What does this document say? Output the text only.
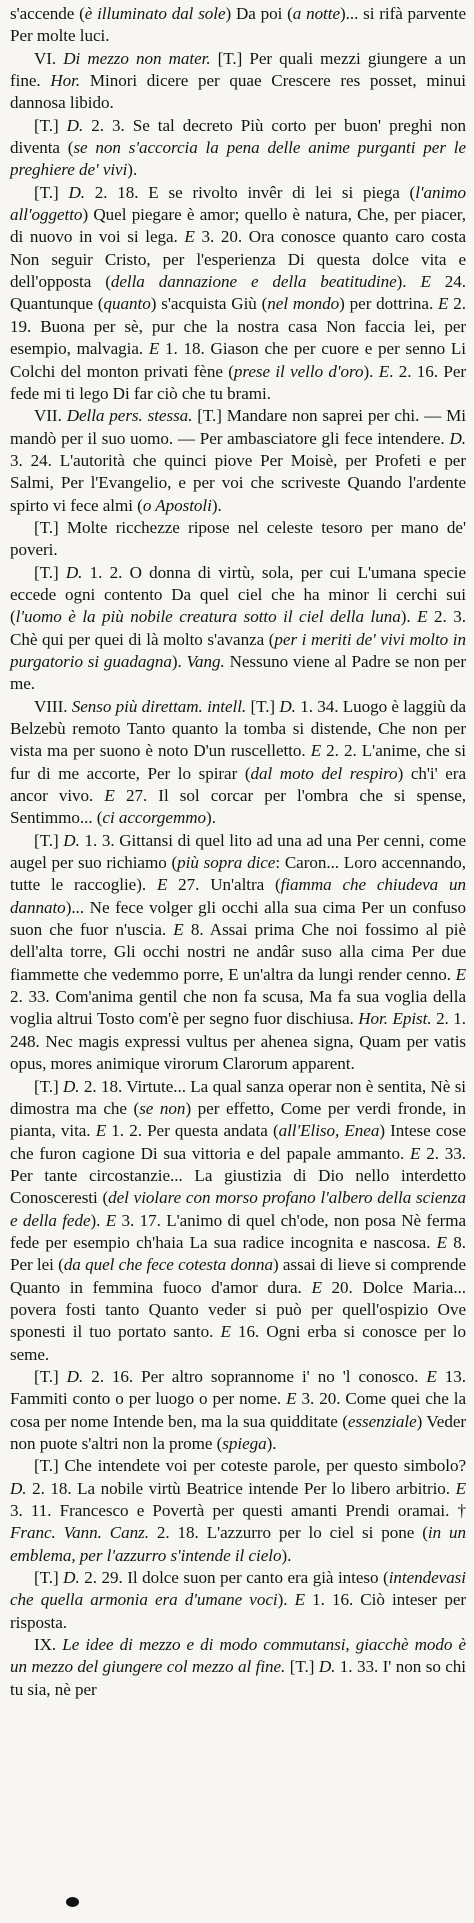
s'accende (è illuminato dal sole) Da poi (a notte)... si rifà parvente Per molte luci.

VI. Di mezzo non mater. [T.] Per quali mezzi giungere a un fine. Hor. Minori dicere per quae Crescere res posset, minui dannosa libido.

[T.] D. 2. 3. Se tal decreto Più corto per buon' preghi non diventa (se non s'accorcia la pena delle anime purganti per le preghiere de' vivi).

[T.] D. 2. 18. E se rivolto invêr di lei si piega (l'animo all'oggetto) Quel piegare è amor; quello è natura, Che, per piacer, di nuovo in voi si lega. E 3. 20. Ora conosce quanto caro costa Non seguir Cristo, per l'esperienza Di questa dolce vita e dell'opposta (della dannazione e della beatitudine). E 24. Quantunque (quanto) s'acquista Giù (nel mondo) per dottrina. E 2. 19. Buona per sè, pur che la nostra casa Non faccia lei, per esempio, malvagia. E 1. 18. Giason che per cuore e per senno Li Colchi del monton privati fène (prese il vello d'oro). E. 2. 16. Per fede mi ti lego Di far ciò che tu brami.

VII. Della pers. stessa. [T.] Mandare non saprei per chi. — Mi mandò per il suo uomo. — Per ambasciatore gli fece intendere. D. 3. 24. L'autorità che quinci piove Per Moisè, per Profeti e per Salmi, Per l'Evangelio, e per voi che scriveste Quando l'ardente spirto vi fece almi (o Apostoli).

[T.] Molte ricchezze ripose nel celeste tesoro per mano de' poveri.

[T.] D. 1. 2. O donna di virtù, sola, per cui L'umana specie eccede ogni contento Da quel ciel che ha minor li cerchi sui (l'uomo è la più nobile creatura sotto il ciel della luna). E 2. 3. Chè qui per quei di là molto s'avanza (per i meriti de' vivi molto in purgatorio si guadagna). Vang. Nessuno viene al Padre se non per me.

VIII. Senso più direttam. intell. [T.] D. 1. 34. Luogo è laggiù da Belzebù remoto Tanto quanto la tomba si distende, Che non per vista ma per suono è noto D'un ruscelletto. E 2. 2. L'anime, che si fur di me accorte, Per lo spirar (dal moto del respiro) ch'i' era ancor vivo. E 27. Il sol corcar per l'ombra che si spense, Sentimmo... (ci accorgemmo).

[T.] D. 1. 3. Gittansi di quel lito ad una ad una Per cenni, come augel per suo richiamo (più sopra dice: Caron... Loro accennando, tutte le raccoglie). E 27. Un'altra (fiamma che chiudeva un dannato)... Ne fece volger gli occhi alla sua cima Per un confuso suon che fuor n'uscia. E 8. Assai prima Che noi fossimo al piè dell'alta torre, Gli occhi nostri ne andâr suso alla cima Per due fiammette che vedemmo porre, E un'altra da lungi render cenno. E 2. 33. Com'anima gentil che non fa scusa, Ma fa sua voglia della voglia altrui Tosto com'è per segno fuor dischiusa. Hor. Epist. 2. 1. 248. Nec magis expressi vultus per ahenea signa, Quam per vatis opus, mores animique virorum Clarorum apparent.

[T.] D. 2. 18. Virtute... La qual sanza operar non è sentita, Nè si dimostra ma che (se non) per effetto, Come per verdi fronde, in pianta, vita. E 1. 2. Per questa andata (all'Eliso, Enea) Intese cose che furon cagione Di sua vittoria e del papale ammanto. E 2. 33. Per tante circostanzie... La giustizia di Dio nello interdetto Conosceresti (del violare con morso profano l'albero della scienza e della fede). E 3. 17. L'animo di quel ch'ode, non posa Nè ferma fede per esempio ch'haia La sua radice incognita e nascosa. E 8. Per lei (da quel che fece cotesta donna) assai di lieve si comprende Quanto in femmina fuoco d'amor dura. E 20. Dolce Maria... povera fosti tanto Quanto veder si può per quell'ospizio Ove sponesti il tuo portato santo. E 16. Ogni erba si conosce per lo seme.

[T.] D. 2. 16. Per altro soprannome i' no 'l conosco. E 13. Fammiti conto o per luogo o per nome. E 3. 20. Come quei che la cosa per nome Intende ben, ma la sua quidditate (essenziale) Veder non puote s'altri non la prome (spiega).

[T.] Che intendete voi per coteste parole, per questo simbolo? D. 2. 18. La nobile virtù Beatrice intende Per lo libero arbitrio. E 3. 11. Francesco e Povertà per questi amanti Prendi oramai. † Franc. Vann. Canz. 2. 18. L'azzurro per lo ciel si pone (in un emblema, per l'azzurro s'intende il cielo).

[T.] D. 2. 29. Il dolce suon per canto era già inteso (intendevasi che quella armonia era d'umane voci). E 1. 16. Ciò inteser per risposta.

IX. Le idee di mezzo e di modo commutansi, giacchè modo è un mezzo del giungere col mezzo al fine. [T.] D. 1. 33. I' non so chi tu sia, nè per
